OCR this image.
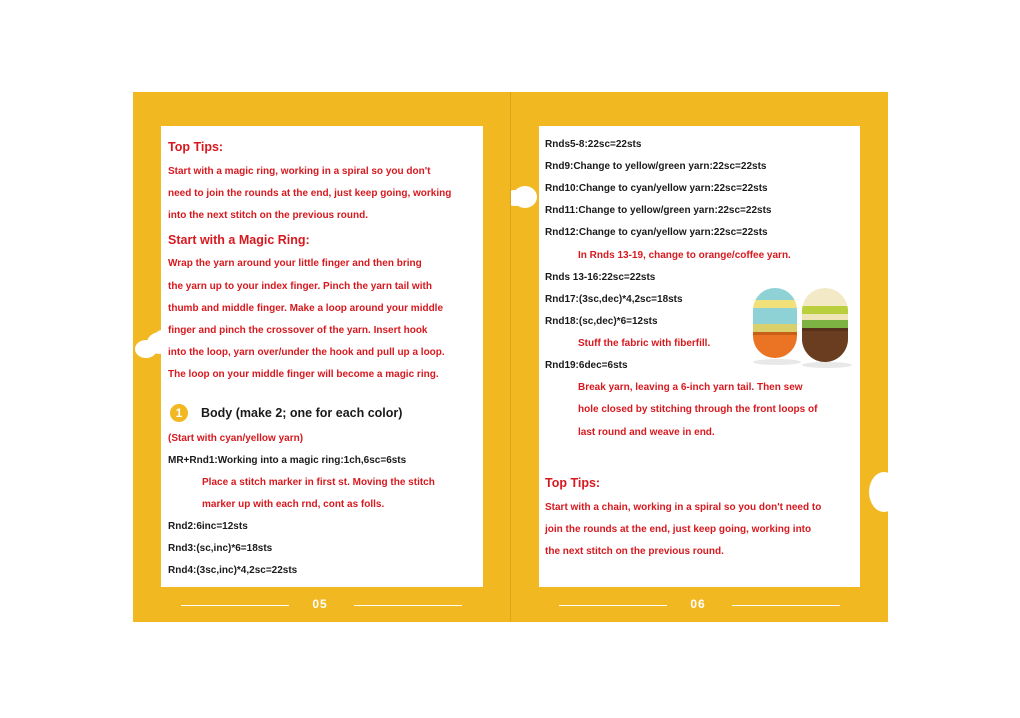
Top Tips:
Start with a magic ring, working in a spiral so you don't
need to join the rounds at the end, just keep going, working
into the next stitch on the previous round.
Start with a Magic Ring:
Wrap the yarn around your little finger and then bring
the yarn up to your index finger. Pinch the yarn tail with
thumb and middle finger. Make a loop around your middle
finger and pinch the crossover of the yarn. Insert hook
into the loop, yarn over/under the hook and pull up a loop.
The loop on your middle finger will become a magic ring.
1	Body (make 2; one for each color)
(Start with cyan/yellow yarn)
MR+Rnd1:Working into a magic ring:1ch,6sc=6sts
Place a stitch marker in first st. Moving the stitch
marker up with each rnd, cont as folls.
Rnd2:6inc=12sts
Rnd3:(sc,inc)*6=18sts
Rnd4:(3sc,inc)*4,2sc=22sts
05
Rnds5-8:22sc=22sts
Rnd9:Change to yellow/green yarn:22sc=22sts
Rnd10:Change to cyan/yellow yarn:22sc=22sts
Rnd11:Change to yellow/green yarn:22sc=22sts
Rnd12:Change to cyan/yellow yarn:22sc=22sts
In Rnds 13-19, change to orange/coffee yarn.
Rnds 13-16:22sc=22sts
Rnd17:(3sc,dec)*4,2sc=18sts
Rnd18:(sc,dec)*6=12sts
Stuff the fabric with fiberfill.
Rnd19:6dec=6sts
Break yarn, leaving a 6-inch yarn tail. Then sew
hole closed by stitching through the front loops of
last round and weave in end.
Top Tips:
Start with a chain, working in a spiral so you don't need to
join the rounds at the end, just keep going, working into
the next stitch on the previous round.
06
